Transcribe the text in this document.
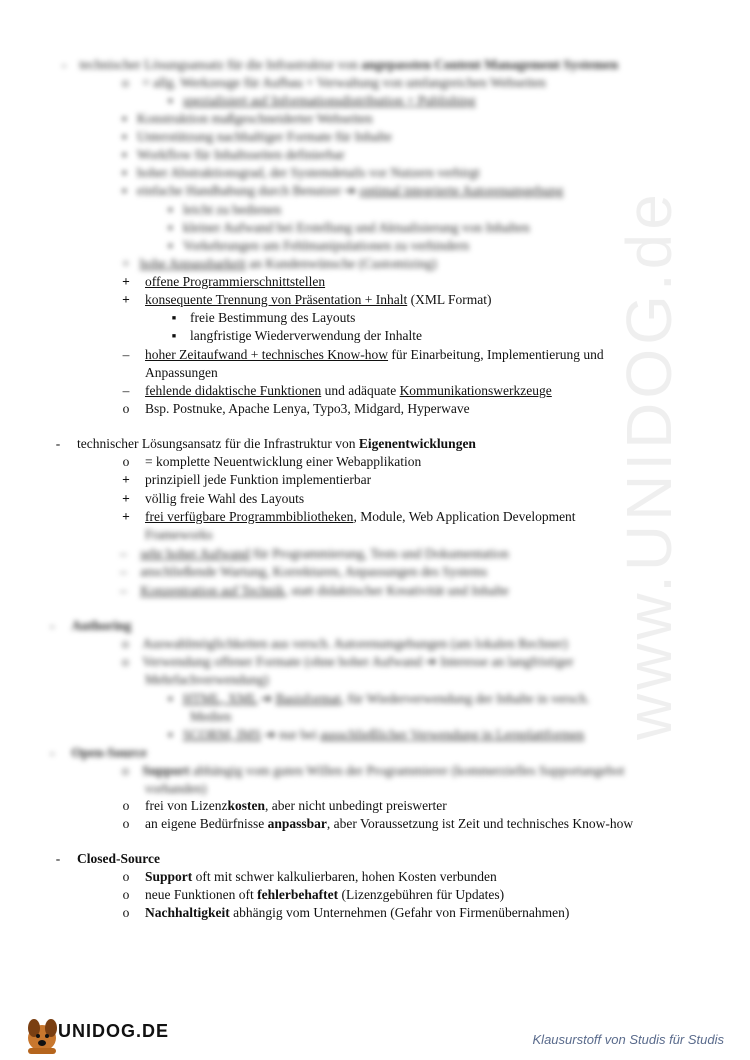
www.UNIDOG.de
- technischer Lösungsansatz für die Infrastruktur von angepassten Content Management Systemen
o    = allg. Werkzeuge für Aufbau + Verwaltung von umfangreichen Webseiten
▪   spezialisiert auf Informationsdistribution + Publishing
▪   Konstruktion maßgeschneiderter Webseiten
▪   Unterstützung nachhaltiger Formate für Inhalte
▪   Workflow für Inhaltsseiten definierbar
▪   hoher Abstraktionsgrad, der Systemdetails vor Nutzern verbirgt
▪   einfache Handhabung durch Benutzer ➔ optimal integrierte Autorenumgebung
▪   leicht zu bedienen
▪   kleiner Aufwand bei Erstellung und Aktualisierung von Inhalten
▪   Vorkehrungen um Fehlmanipulationen zu verhindern
+   hohe Anpassbarkeit an Kundenwünsche (Customizing)
+	offene Programmierschnittstellen
+	konsequente Trennung von Präsentation + Inhalt (XML Format)
▪	freie Bestimmung des Layouts
▪	langfristige Wiederverwendung der Inhalte
–	hoher Zeitaufwand + technisches Know-how für Einarbeitung, Implementierung und
Anpassungen
–	fehlende didaktische Funktionen und adäquate Kommunikationswerkzeuge
o	Bsp. Postnuke, Apache Lenya, Typo3, Midgard, Hyperwave
-	technischer Lösungsansatz für die Infrastruktur von Eigenentwicklungen
o	= komplette Neuentwicklung einer Webapplikation
+	prinzipiell jede Funktion implementierbar
+	völlig freie Wahl des Layouts
+	frei verfügbare Programmbibliotheken, Module, Web Application Development
Frameworks
–    sehr hoher Aufwand für Programmierung, Tests und Dokumentation
–    anschließende Wartung, Korrekturen, Anpassungen des Systems
–    Konzentration auf Technik, statt didaktischer Kreativität und Inhalte
-     Authoring
o    Auswahlmöglichkeiten aus versch. Autorenumgebungen (am lokalen Rechner)
o    Verwendung offener Formate (ohne hoher Aufwand ➔ Interesse an langfristiger
Mehrfachverwendung)
▪   HTML, XML ➔ Basisformat, für Wiederverwendung der Inhalte in versch.
Medien
▪   SCORM, IMS ➔ nur bei ausschließlicher Verwendung in Lernplattformen
-     Open-Source
o    Support abhängig vom guten Willen der Programmierer (kommerzielles Supportangebot
vorhanden)
o	frei von Lizenzkosten, aber nicht unbedingt preiswerter
o	an eigene Bedürfnisse anpassbar, aber Voraussetzung ist Zeit und technisches Know-how
-	Closed-Source
o	Support oft mit schwer kalkulierbaren, hohen Kosten verbunden
o	neue Funktionen oft fehlerbehaftet (Lizenzgebühren für Updates)
o	Nachhaltigkeit abhängig vom Unternehmen (Gefahr von Firmenübernahmen)
UNIDOG.DE	Klausurstoff von Studis für Studis
